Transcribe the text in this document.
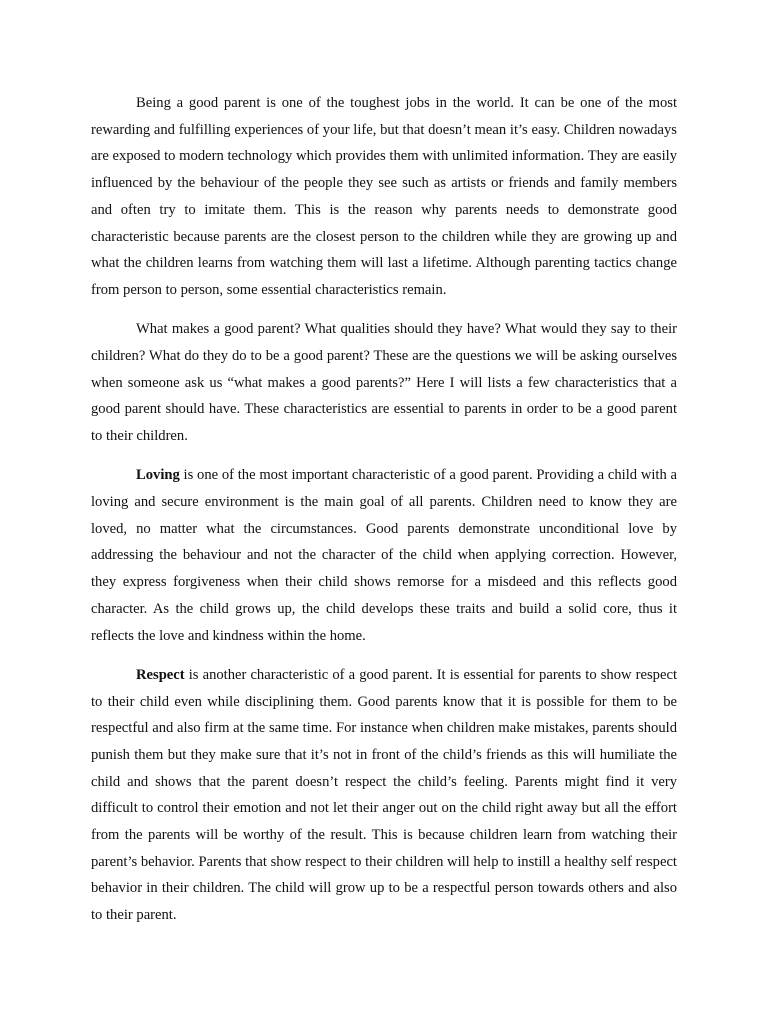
Being a good parent is one of the toughest jobs in the world. It can be one of the most rewarding and fulfilling experiences of your life, but that doesn’t mean it’s easy. Children nowadays are exposed to modern technology which provides them with unlimited information. They are easily influenced by the behaviour of the people they see such as artists or friends and family members and often try to imitate them. This is the reason why parents needs to demonstrate good characteristic because parents are the closest person to the children while they are growing up and what the children learns from watching them will last a lifetime. Although parenting tactics change from person to person, some essential characteristics remain.

What makes a good parent? What qualities should they have? What would they say to their children? What do they do to be a good parent? These are the questions we will be asking ourselves when someone ask us “what makes a good parents?” Here I will lists a few characteristics that a good parent should have. These characteristics are essential to parents in order to be a good parent to their children.

Loving is one of the most important characteristic of a good parent. Providing a child with a loving and secure environment is the main goal of all parents. Children need to know they are loved, no matter what the circumstances. Good parents demonstrate unconditional love by addressing the behaviour and not the character of the child when applying correction. However, they express forgiveness when their child shows remorse for a misdeed and this reflects good character. As the child grows up, the child develops these traits and build a solid core, thus it reflects the love and kindness within the home.

Respect is another characteristic of a good parent. It is essential for parents to show respect to their child even while disciplining them. Good parents know that it is possible for them to be respectful and also firm at the same time. For instance when children make mistakes, parents should punish them but they make sure that it’s not in front of the child’s friends as this will humiliate the child and shows that the parent doesn’t respect the child’s feeling. Parents might find it very difficult to control their emotion and not let their anger out on the child right away but all the effort from the parents will be worthy of the result. This is because children learn from watching their parent’s behavior. Parents that show respect to their children will help to instill a healthy self respect behavior in their children. The child will grow up to be a respectful person towards others and also to their parent.
